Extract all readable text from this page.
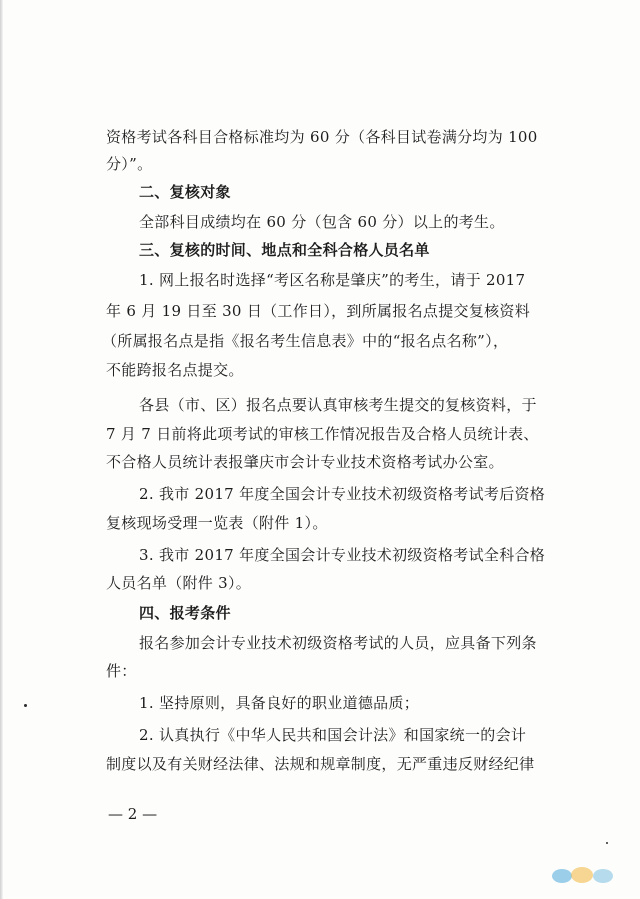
资格考试各科目合格标准均为 60 分（各科目试卷满分均为 100
分）”。
二、复核对象
全部科目成绩均在 60 分（包含 60 分）以上的考生。
三、复核的时间、地点和全科合格人员名单
1. 网上报名时选择“考区名称是肇庆”的考生，请于 2017
年 6 月 19 日至 30 日（工作日），到所属报名点提交复核资料
（所属报名点是指《报名考生信息表》中的“报名点名称”），
不能跨报名点提交。
各县（市、区）报名点要认真审核考生提交的复核资料，于
7 月 7 日前将此项考试的审核工作情况报告及合格人员统计表、
不合格人员统计表报肇庆市会计专业技术资格考试办公室。
2. 我市 2017 年度全国会计专业技术初级资格考试考后资格
复核现场受理一览表（附件 1）。
3. 我市 2017 年度全国会计专业技术初级资格考试全科合格
人员名单（附件 3）。
四、报考条件
报名参加会计专业技术初级资格考试的人员，应具备下列条
件：
1. 坚持原则，具备良好的职业道德品质；
2. 认真执行《中华人民共和国会计法》和国家统一的会计
制度以及有关财经法律、法规和规章制度，无严重违反财经纪律
— 2 —
